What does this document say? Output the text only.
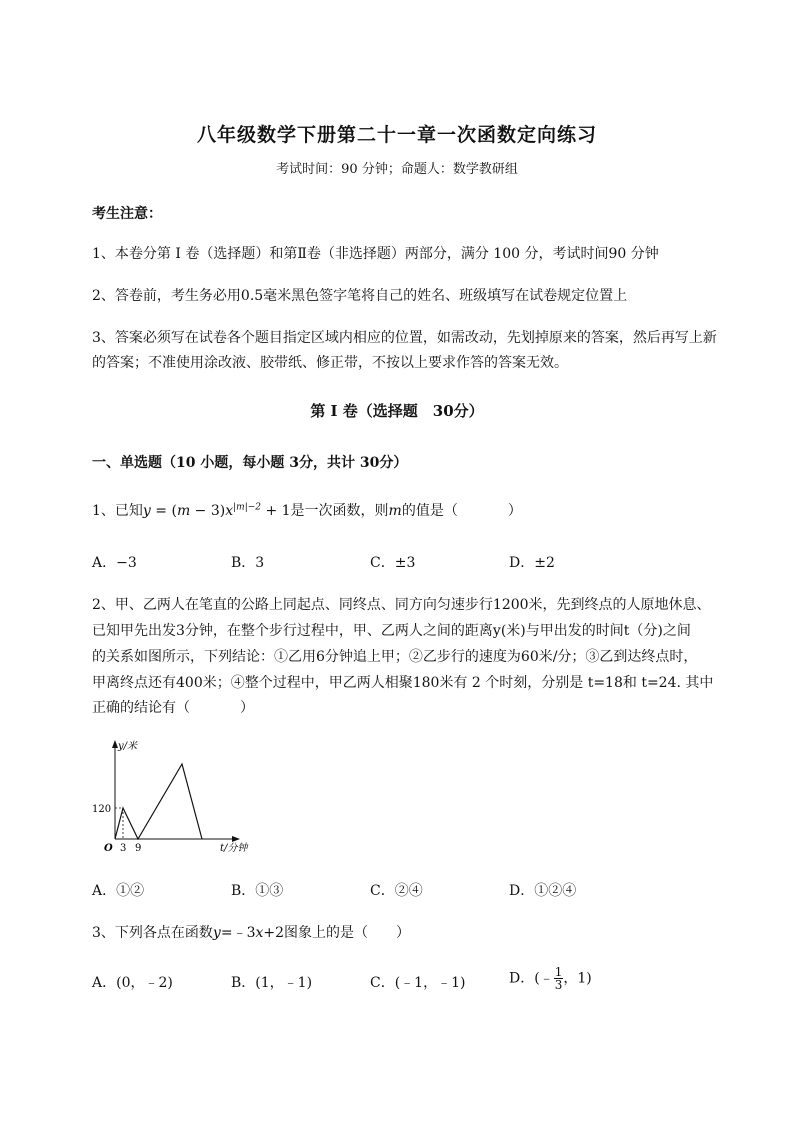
八年级数学下册第二十一章一次函数定向练习
考试时间：90 分钟；命题人：数学教研组
考生注意：
1、本卷分第 I 卷（选择题）和第Ⅱ卷（非选择题）两部分，满分 100 分，考试时间90 分钟
2、答卷前，考生务必用0.5毫米黑色签字笔将自己的姓名、班级填写在试卷规定位置上
3、答案必须写在试卷各个题目指定区域内相应的位置，如需改动，先划掉原来的答案，然后再写上新
的答案；不准使用涂改液、胶带纸、修正带，不按以上要求作答的答案无效。
第 I 卷（选择题　30分）
一、单选题（10 小题，每小题 3分，共计 30分）
1、已知$y = (m - 3)x^{|m|-2} + 1$是一次函数，则m的值是（	）
A．−3	B．3	C．±3	D．±2
2、甲、乙两人在笔直的公路上同起点、同终点、同方向匀速步行1200米，先到终点的人原地休息、
已知甲先出发3分钟，在整个步行过程中，甲、乙两人之间的距离y(米)与甲出发的时间t（分)之间
的关系如图所示，下列结论：①乙用6分钟追上甲；②乙步行的速度为60米/分；③乙到达终点时，
甲离终点还有400米；④整个过程中，甲乙两人相聚180米有 2 个时刻，分别是 t=18和 t=24. 其中
正确的结论有（	）
y/米
t/分钟
O
120
3 9
A．①②	B．①③	C．②④	D．①②④
3、下列各点在函数y=﹣3x+2图象上的是（　　）
A．(0，﹣2)	B．(1，﹣1)	C．(﹣1，﹣1)	D．(﹣ $\frac{1}{3}$ ，1)
